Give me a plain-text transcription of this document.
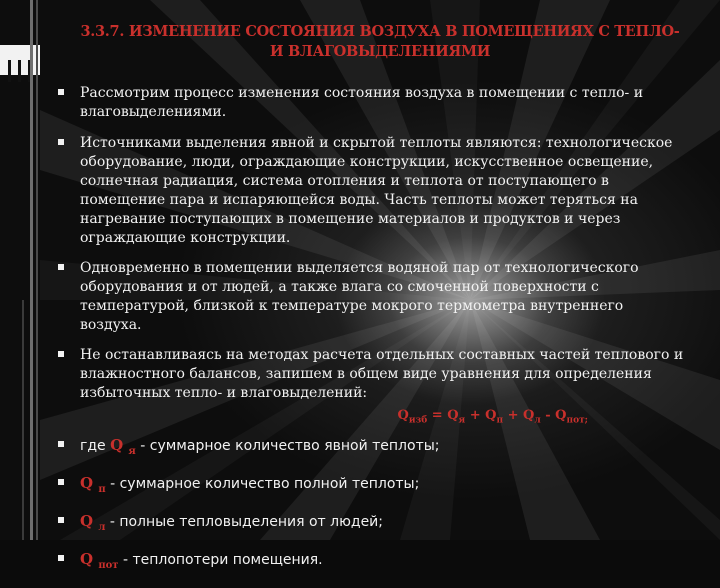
3.3.7. ИЗМЕНЕНИЕ СОСТОЯНИЯ ВОЗДУХА В ПОМЕЩЕНИЯХ С ТЕПЛО- И ВЛАГОВЫДЕЛЕНИЯМИ
Рассмотрим процесс изменения состояния воздуха в помещении с тепло- и влаговыделениями.
Источниками выделения явной и скрытой теплоты являются: технологическое оборудование, люди, ограждающие конструкции, искусственное освещение, солнечная радиация, система отопления и теплота от поступающего в помещение пара и испаряющейся воды. Часть теплоты может теряться на нагревание поступающих в помещение материалов и продуктов и через ограждающие конструкции.
Одновременно в помещении выделяется водяной пар от технологического оборудования и от людей, а также влага со смоченной поверхности с температурой, близкой к температуре мокрого термометра внутреннего воздуха.
Не останавливаясь на методах расчета отдельных составных частей теплового и влажностного балансов, запишем в общем виде уравнения для определения избыточных тепло- и влаговыделений:
$Q_{изб} = Q_я + Q_п + Q_л - Q_{пот;}$
где Q $_я$ - суммарное количество явной теплоты;
Q $_п$ - суммарное количество полной теплоты;
Q $_л$ - полные тепловыделения от людей;
Q $_{пот}$ - теплопотери помещения.
